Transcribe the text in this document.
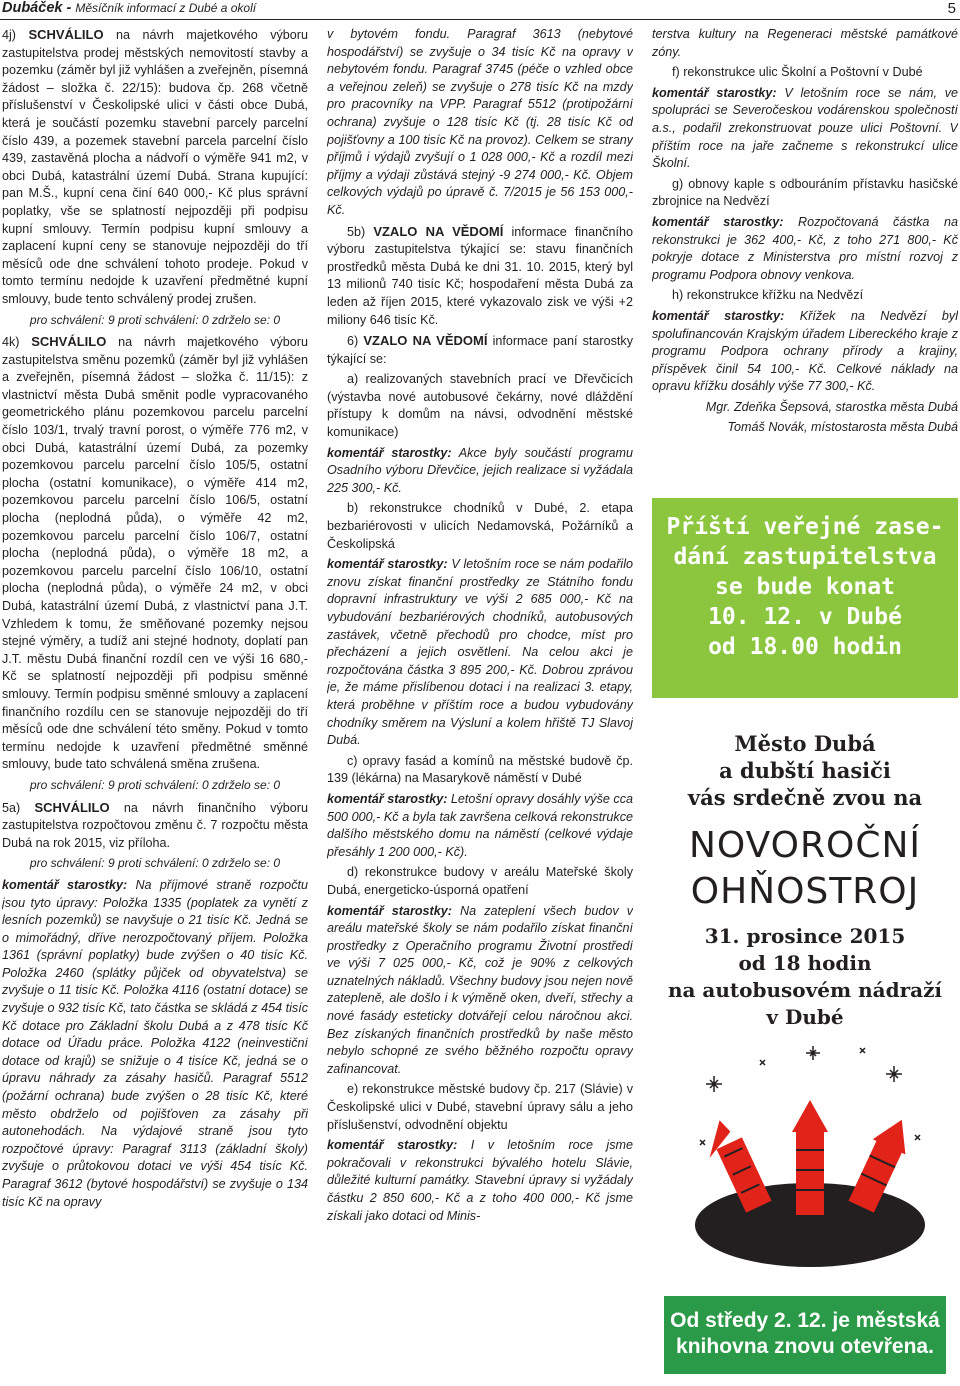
Dubáček - Měsíčník informací z Dubé a okolí	5

4j) SCHVÁLILO na návrh majetkového výboru zastupitelstva prodej městských nemovitostí stavby a pozemku (záměr byl již vyhlášen a zveřejněn, písemná žádost – složka č. 22/15): budova čp. 268 včetně příslušenství v Českolipské ulici v části obce Dubá, která je součástí pozemku stavební parcely parcelní číslo 439, a pozemek stavební parcela parcelní číslo 439, zastavěná plocha a nádvoří o výměře 941 m2, v obci Dubá, katastrální území Dubá. Strana kupující: pan M.Š., kupní cena činí 640 000,- Kč plus správní poplatky, vše se splatností nejpozději při podpisu kupní smlouvy. Termín podpisu kupní smlouvy a zaplacení kupní ceny se stanovuje nejpozději do tří měsíců ode dne schválení tohoto prodeje. Pokud v tomto termínu nedojde k uzavření předmětné kupní smlouvy, bude tento schválený prodej zrušen.

pro schválení: 9 proti schválení: 0 zdrželo se: 0

4k) SCHVÁLILO na návrh majetkového výboru zastupitelstva směnu pozemků (záměr byl již vyhlášen a zveřejněn, písemná žádost – složka č. 11/15): z vlastnictví města Dubá směnit podle vypracovaného geometrického plánu pozemkovou parcelu parcelní číslo 103/1, trvalý travní porost, o výměře 776 m2, v obci Dubá, katastrální území Dubá, za pozemky pozemkovou parcelu parcelní číslo 105/5, ostatní plocha (ostatní komunikace), o výměře 414 m2, pozemkovou parcelu parcelní číslo 106/5, ostatní plocha (neplodná půda), o výměře 42 m2, pozemkovou parcelu parcelní číslo 106/7, ostatní plocha (neplodná půda), o výměře 18 m2, a pozemkovou parcelu parcelní číslo 106/10, ostatní plocha (neplodná půda), o výměře 24 m2, v obci Dubá, katastrální území Dubá, z vlastnictví pana J.T. Vzhledem k tomu, že směňované pozemky nejsou stejné výměry, a tudíž ani stejné hodnoty, doplatí pan J.T. městu Dubá finanční rozdíl cen ve výši 16 680,- Kč se splatností nejpozději při podpisu směnné smlouvy. Termín podpisu směnné smlouvy a zaplacení finančního rozdílu cen se stanovuje nejpozději do tří měsíců ode dne schválení této směny. Pokud v tomto termínu nedojde k uzavření předmětné směnné smlouvy, bude tato schválená směna zrušena.

pro schválení: 9 proti schválení: 0 zdrželo se: 0

5a) SCHVÁLILO na návrh finančního výboru zastupitelstva rozpočtovou změnu č. 7 rozpočtu města Dubá na rok 2015, viz příloha.

pro schválení: 9 proti schválení: 0 zdrželo se: 0

komentář starostky: Na příjmové straně rozpočtu jsou tyto úpravy: Položka 1335 (poplatek za vynětí z lesních pozemků) se navyšuje o 21 tisíc Kč. Jedná se o mimořádný, dříve nerozpočtovaný příjem. Položka 1361 (správní poplatky) bude zvýšen o 40 tisíc Kč. Položka 2460 (splátky půjček od obyvatelstva) se zvyšuje o 11 tisíc Kč. Položka 4116 (ostatní dotace) se zvyšuje o 932 tisíc Kč, tato částka se skládá z 454 tisíc Kč dotace pro Základní školu Dubá a z 478 tisíc Kč dotace od Úřadu práce. Položka 4122 (neinvestiční dotace od krajů) se snižuje o 4 tisíce Kč, jedná se o úpravu náhrady za zásahy hasičů. Paragraf 5512 (požární ochrana) bude zvýšen o 28 tisíc Kč, které město obdrželo od pojišťoven za zásahy při autonehodách. Na výdajové straně jsou tyto rozpočtové úpravy: Paragraf 3113 (základní školy) zvyšuje o průtokovou dotaci ve výši 454 tisíc Kč. Paragraf 3612 (bytové hospodářství) se zvyšuje o 134 tisíc Kč na opravy

v bytovém fondu. Paragraf 3613 (nebytové hospodářství) se zvyšuje o 34 tisíc Kč na opravy v nebytovém fondu. Paragraf 3745 (péče o vzhled obce a veřejnou zeleň) se zvyšuje o 278 tisíc Kč na mzdy pro pracovníky na VPP. Paragraf 5512 (protipožární ochrana) zvyšuje o 128 tisíc Kč (tj. 28 tisíc Kč od pojišťovny a 100 tisíc Kč na provoz). Celkem se strany příjmů i výdajů zvyšují o 1 028 000,- Kč a rozdíl mezi příjmy a výdaji zůstává stejný -9 274 000,- Kč. Objem celkových výdajů po úpravě č. 7/2015 je 56 153 000,- Kč.

5b) VZALO NA VĚDOMÍ informace finančního výboru zastupitelstva týkající se: stavu finančních prostředků města Dubá ke dni 31. 10. 2015, který byl 13 milionů 740 tisíc Kč; hospodaření města Dubá za leden až říjen 2015, které vykazovalo zisk ve výši +2 miliony 646 tisíc Kč.

6) VZALO NA VĚDOMÍ informace paní starostky týkající se:

a) realizovaných stavebních prací ve Dřevčicích (výstavba nové autobusové čekárny, nové dláždění přístupy k domům na návsi, odvodnění městské komunikace)

komentář starostky: Akce byly součástí programu Osadního výboru Dřevčice, jejich realizace si vyžádala 225 300,- Kč.

b) rekonstrukce chodníků v Dubé, 2. etapa bezbariérovosti v ulicích Nedamovská, Požárníků a Českolipská

komentář starostky: V letošním roce se nám podařilo znovu získat finanční prostředky ze Státního fondu dopravní infrastruktury ve výši 2 685 000,- Kč na vybudování bezbariérových chodníků, autobusových zastávek, včetně přechodů pro chodce, míst pro přecházení a jejich osvětlení. Na celou akci je rozpočtována částka 3 895 200,- Kč. Dobrou zprávou je, že máme přislíbenou dotaci i na realizaci 3. etapy, která proběhne v příštím roce a budou vybudovány chodníky směrem na Výsluní a kolem hřiště TJ Slavoj Dubá.

c) opravy fasád a komínů na městské budově čp. 139 (lékárna) na Masarykově náměstí v Dubé

komentář starostky: Letošní opravy dosáhly výše cca 500 000,- Kč a byla tak završena celková rekonstrukce dalšího městského domu na náměstí (celkové výdaje přesáhly 1 200 000,- Kč).

d) rekonstrukce budovy v areálu Mateřské školy Dubá, energeticko-úsporná opatření

komentář starostky: Na zateplení všech budov v areálu mateřské školy se nám podařilo získat finanční prostředky z Operačního programu Životní prostředí ve výši 7 025 000,- Kč, což je 90% z celkových uznatelných nákladů. Všechny budovy jsou nejen nově zatepleně, ale došlo i k výměně oken, dveří, střechy a nové fasády esteticky dotvářejí celou náročnou akci. Bez získaných finančních prostředků by naše město nebylo schopné ze svého běžného rozpočtu opravy zafinancovat.

e) rekonstrukce městské budovy čp. 217 (Slávie) v Českolipské ulici v Dubé, stavební úpravy sálu a jeho příslušenství, odvodnění objektu

komentář starostky: I v letošním roce jsme pokračovali v rekonstrukci bývalého hotelu Slávie, důležité kulturní památky. Stavební úpravy si vyžádaly částku 2 850 600,- Kč a z toho 400 000,- Kč jsme získali jako dotaci od Minis-

terstva kultury na Regeneraci městské památkové zóny.

f) rekonstrukce ulic Školní a Poštovní v Dubé

komentář starostky: V letošním roce se nám, ve spolupráci se Severočeskou vodárenskou společností a.s., podařil zrekonstruovat pouze ulici Poštovní. V příštím roce na jaře začneme s rekonstrukcí ulice Školní.

g) obnovy kaple s odbouráním přístavku hasičské zbrojnice na Nedvězí

komentář starostky: Rozpočtovaná částka na rekonstrukci je 362 400,- Kč, z toho 271 800,- Kč pokryje dotace z Ministerstva pro místní rozvoj z programu Podpora obnovy venkova.

h) rekonstrukce křížku na Nedvězí

komentář starostky: Křížek na Nedvězí byl spolufinancován Krajským úřadem Libereckého kraje z programu Podpora ochrany přírody a krajiny, příspěvek činil 54 100,- Kč. Celkové náklady na opravu křížku dosáhly výše 77 300,- Kč.

Mgr. Zdeňka Šepsová, starostka města Dubá

Tomáš Novák, místostarosta města Dubá

Příští veřejné zase-
dání zastupitelstva
se bude konat
10. 12. v Dubé
od 18.00 hodin
Město Dubá
a dubští hasiči
vás srdečně zvou na
NOVOROČNÍ
OHŇOSTROJ
31. prosince 2015
od 18 hodin
na autobusovém nádraží
v Dubé
Od středy 2. 12. je městská
knihovna znovu otevřena.
